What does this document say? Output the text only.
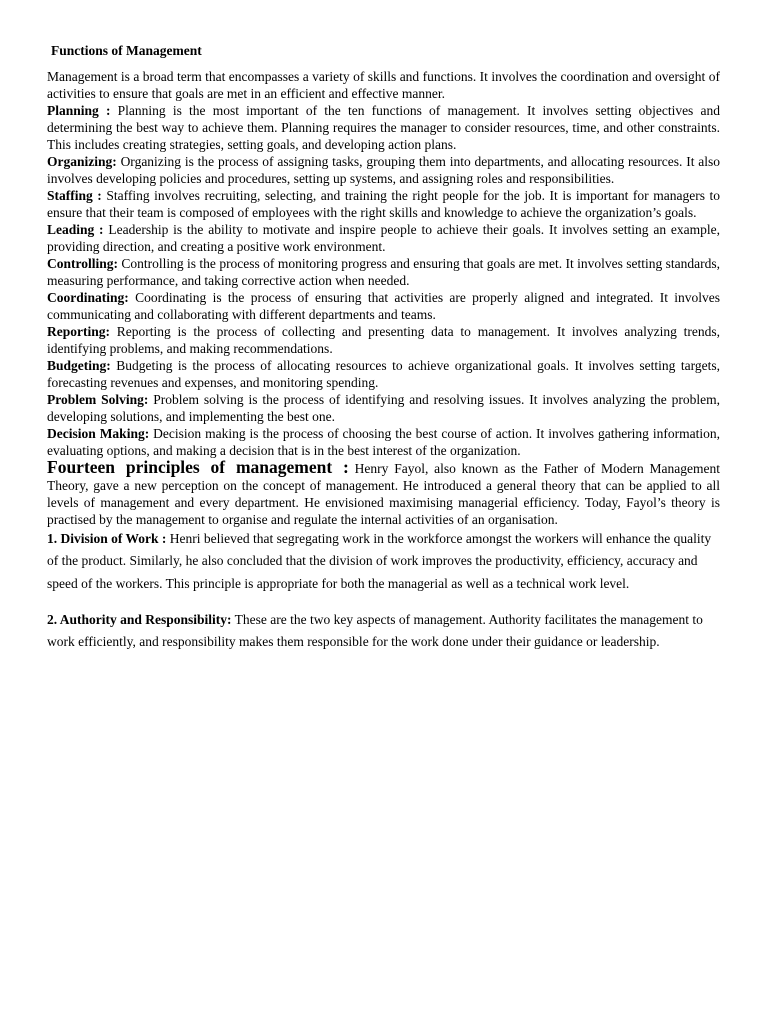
Functions of Management

Management is a broad term that encompasses a variety of skills and functions. It involves the coordination and oversight of activities to ensure that goals are met in an efficient and effective manner.

Planning : Planning is the most important of the ten functions of management. It involves setting objectives and determining the best way to achieve them. Planning requires the manager to consider resources, time, and other constraints. This includes creating strategies, setting goals, and developing action plans.

Organizing: Organizing is the process of assigning tasks, grouping them into departments, and allocating resources. It also involves developing policies and procedures, setting up systems, and assigning roles and responsibilities.

Staffing : Staffing involves recruiting, selecting, and training the right people for the job. It is important for managers to ensure that their team is composed of employees with the right skills and knowledge to achieve the organization’s goals.

Leading : Leadership is the ability to motivate and inspire people to achieve their goals. It involves setting an example, providing direction, and creating a positive work environment.

Controlling: Controlling is the process of monitoring progress and ensuring that goals are met. It involves setting standards, measuring performance, and taking corrective action when needed.

Coordinating: Coordinating is the process of ensuring that activities are properly aligned and integrated. It involves communicating and collaborating with different departments and teams.

Reporting: Reporting is the process of collecting and presenting data to management. It involves analyzing trends, identifying problems, and making recommendations.

Budgeting: Budgeting is the process of allocating resources to achieve organizational goals. It involves setting targets, forecasting revenues and expenses, and monitoring spending.

Problem Solving: Problem solving is the process of identifying and resolving issues. It involves analyzing the problem, developing solutions, and implementing the best one.

Decision Making: Decision making is the process of choosing the best course of action. It involves gathering information, evaluating options, and making a decision that is in the best interest of the organization.

Fourteen principles of management : Henry Fayol, also known as the Father of Modern Management Theory, gave a new perception on the concept of management. He introduced a general theory that can be applied to all levels of management and every department. He envisioned maximising managerial efficiency. Today, Fayol’s theory is practised by the management to organise and regulate the internal activities of an organisation.

1. Division of Work : Henri believed that segregating work in the workforce amongst the workers will enhance the quality of the product. Similarly, he also concluded that the division of work improves the productivity, efficiency, accuracy and speed of the workers. This principle is appropriate for both the managerial as well as a technical work level.

2. Authority and Responsibility: These are the two key aspects of management. Authority facilitates the management to work efficiently, and responsibility makes them responsible for the work done under their guidance or leadership.
